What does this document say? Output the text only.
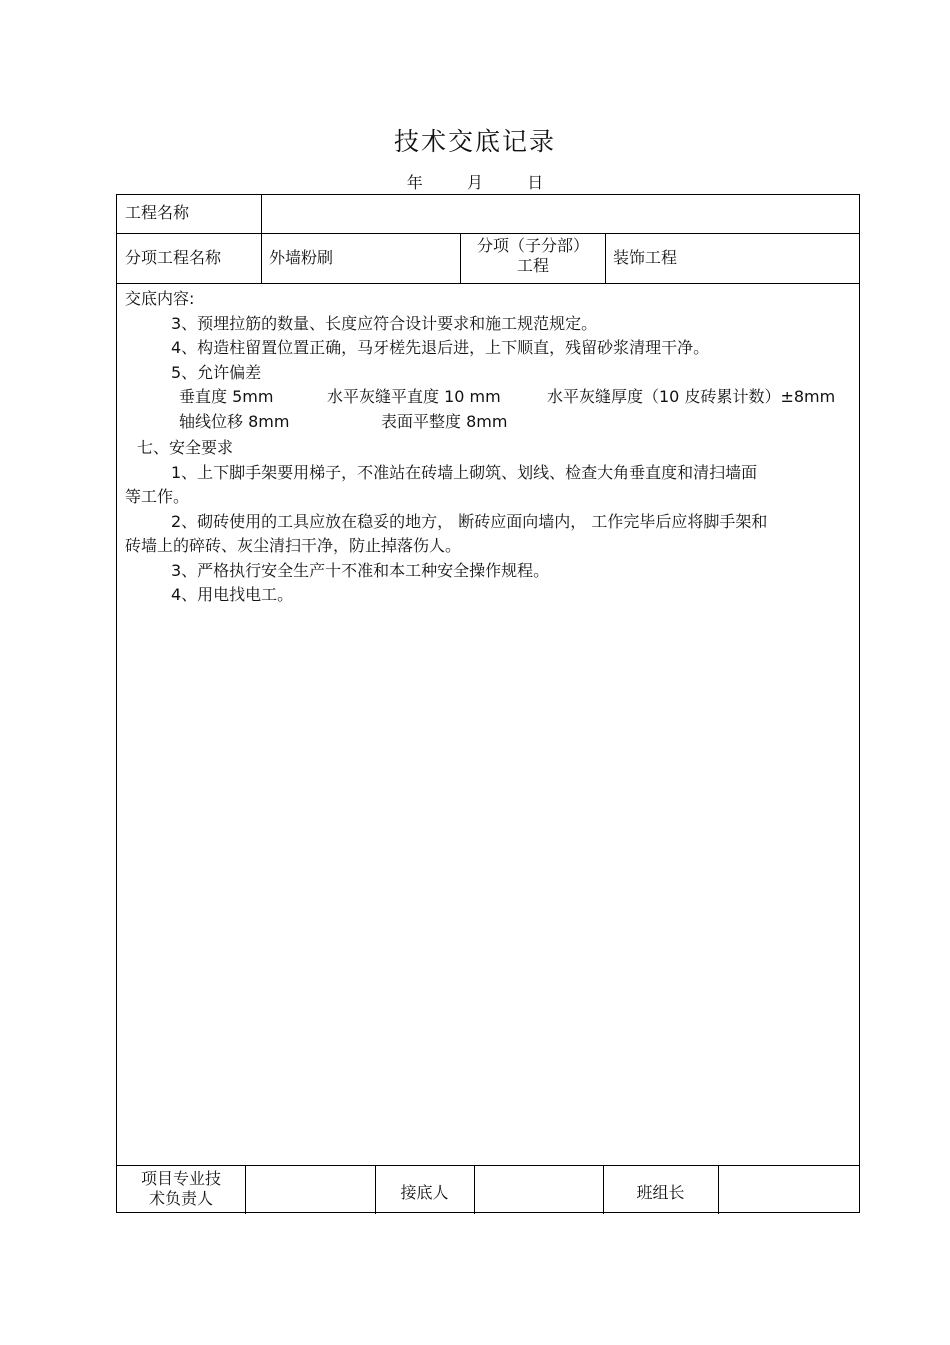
技术交底记录
年	月	日
工程名称
分项工程名称	外墙粉刷
分项（子分部）
工程	装饰工程
交底内容:
3、预埋拉筋的数量、长度应符合设计要求和施工规范规定。
4、构造柱留置位置正确，马牙槎先退后进，上下顺直，残留砂浆清理干净。
5、允许偏差
垂直度 5mm	水平灰缝平直度 10 mm	水平灰缝厚度（10 皮砖累计数）±8mm
轴线位移 8mm	表面平整度 8mm
七、安全要求
1、上下脚手架要用梯子，不准站在砖墙上砌筑、划线、检查大角垂直度和清扫墙面
等工作。
2、砌砖使用的工具应放在稳妥的地方， 断砖应面向墙内， 工作完毕后应将脚手架和
砖墙上的碎砖、灰尘清扫干净，防止掉落伤人。
3、严格执行安全生产十不准和本工种安全操作规程。
4、用电找电工。
项目专业技
术负责人	接底人	班组长
